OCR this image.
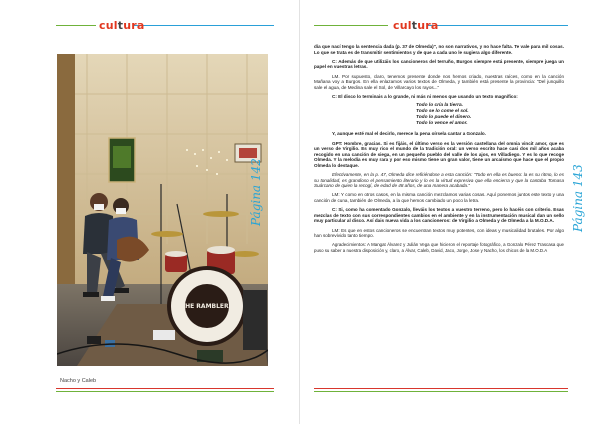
cultura
THE RAMBLERS
Nacho y Caleb
Página 142
cultura
Página 143

día que nací tengo la sentencia dada (p. 37 de Olmeda)", no son narrativos, y no hace falta. Te vale para mil cosas. Lo que se trata es de transmitir sentimientos y de que a cada uno le sugiera algo diferente.

C: Además de que utilizáis los cancioneros del terruño, Burgos siempre está presente, siempre juega un papel en vuestras letras.

LM. Por supuesto, claro, tenemos presente donde nos hemos criado, nuestras raíces, como en la canción Mañana voy a Burgos. En ella enlazamos varios textos de Olmeda, y también está presente la provincia: "Del junquillo sale el agua, de Medina sale el Sol, de Villarcayo los rayos..."

C: El disco lo terminais a lo grande, ni más ni menos que usando un texto magnífico:

Todo lo cría la tierra.
Todo se lo come el sol.
Todo lo puede el dinero.
Todo lo vence el amor.

Y, aunque esté mal el decirlo, merece la pena oírsela cantar a Gonzalo.

GPT: Hombre, gracias. Si es fijáis, el último verso es la versión castellana del omnia vincit amor, que es un verso de Virgilio. Es muy rico el mundo de la tradición oral: un verso escrito hace casi dos mil años acaba recogido en una canción de siega, en un pequeño pueblo del valle de los ajos, en Villadiego. Y es lo que recoge Olmeda. Y la melodía es muy rara y por eso mismo tiene un gran valor, tiene un arcaísmo que hace que el propio Olmeda lo destaque.

Efectivamente, en la p. 47, Olmeda dice refiriéndose a esta canción: "Todo en ella es bueno: la es su ritmo, lo es su tonalidad, es grandioso el pensamiento literario y lo es la virtud expresiva que ella encierra y que la cantaba Tomasa Suárcano de quien la recogí, de edad de 48 años, de una manera acabada."

LM: Y como en otros casos, en la misma canción mezclamos varias cosas. Aquí ponemos juntos este texto y una canción de cuna, también de Olmeda, a la que hemos cambiado un poco la letra.

C: Si, como ha comentado Gonzalo, lleváis los textos a vuestro terreno, pero lo hacéis con criterio. Esas mezclas de texto con sus correspondientes cambios en el ambiente y en la instrumentación musical dan un sello muy particular al disco. Así dais nueva vida a los cancioneros: de Virgilio a Olmeda y de Olmeda a la M.O.D.A.

LM: Es que en estos cancioneros se encuentran textos muy potentes, con ideas y musicalidad brutales. Por algo han sobrevivido tanto tiempo.

Agradecimientos: A Mangat Álvarez y Julián Vega que hicieron el reportaje fotográfico, a Gonzalo Pérez Trascasa que puso su saber a nuestra disposición y, claro, a Álvar, Caleb, David, Jaco, Jorge, Jose y Nacho, los chicos de la M.O.D.A
